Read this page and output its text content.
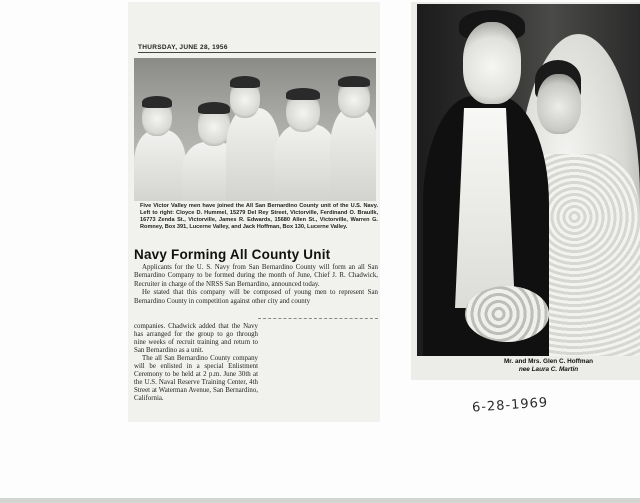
THURSDAY, JUNE 28, 1956
Five Victor Valley men have joined the All San Bernardino County unit of the U.S. Navy. Left to right: Cloyce D. Hummel, 15279 Del Rey Street, Victorville, Ferdinand O. Brauilk, 16773 Zenda St., Victorville, James R. Edwards, 15680 Allen St., Victorville, Warren G. Romney, Box 391, Lucerne Valley, and Jack Hoffman, Box 130, Lucerne Valley.
Navy Forming All County Unit

Applicants for the U. S. Navy from San Bernardino County will form an all San Bernardino Company to be formed during the month of June, Chief J. R. Chadwick, Recruiter in charge of the NRSS San Bernardino, announced today.

He stated that this company will be composed of young men to represent San Bernardino County in competition against other city and county

companies. Chadwick added that the Navy has arranged for the group to go through nine weeks of recruit training and return to San Bernardino as a unit.

The all San Bernardino County company will be enlisted in a special Enlistment Ceremony to be held at 2 p.m. June 30th at the U.S. Naval Reserve Training Center, 4th Street at Waterman Avenue, San Bernardino, California.

Mr. and Mrs. Glen C. Hoffman
nee Laura C. Martin
6-28-1969
